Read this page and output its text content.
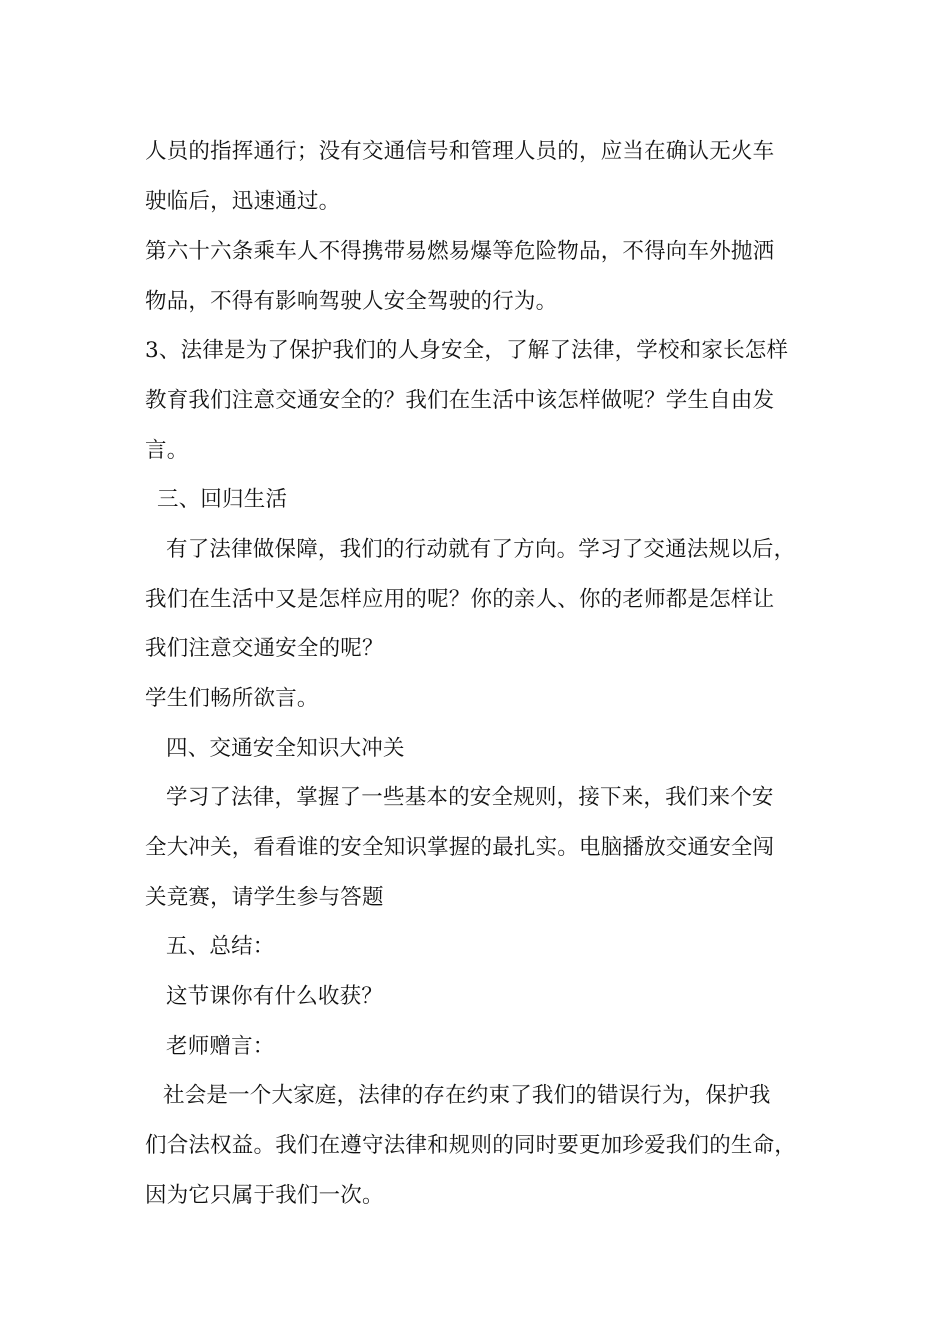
人员的指挥通行；没有交通信号和管理人员的，应当在确认无火车
驶临后，迅速通过。
第六十六条乘车人不得携带易燃易爆等危险物品，不得向车外抛洒
物品，不得有影响驾驶人安全驾驶的行为。
3、法律是为了保护我们的人身安全，了解了法律，学校和家长怎样
教育我们注意交通安全的？我们在生活中该怎样做呢？学生自由发
言。
三、回归生活
有了法律做保障，我们的行动就有了方向。学习了交通法规以后，
我们在生活中又是怎样应用的呢？你的亲人、你的老师都是怎样让
我们注意交通安全的呢？
学生们畅所欲言。
四、交通安全知识大冲关
学习了法律，掌握了一些基本的安全规则，接下来，我们来个安
全大冲关，看看谁的安全知识掌握的最扎实。电脑播放交通安全闯
关竞赛，请学生参与答题
五、总结：
这节课你有什么收获？
老师赠言：
社会是一个大家庭，法律的存在约束了我们的错误行为，保护我
们合法权益。我们在遵守法律和规则的同时要更加珍爱我们的生命，
因为它只属于我们一次。
